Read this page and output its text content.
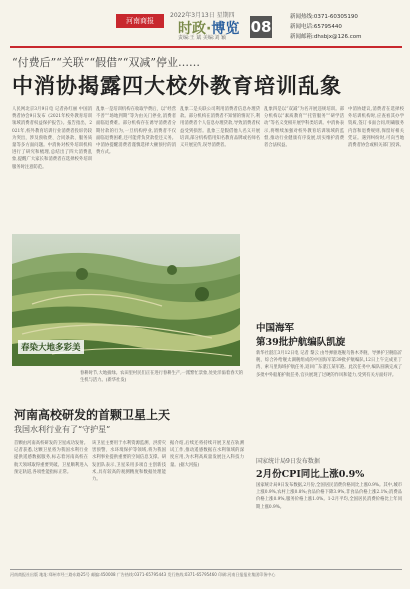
河南商报
2022年3月13日 星期四
时政·博览
责编:王 斌 美编:刘 颖
08
新闻热线:0371-60305190
新闻电话:65795440
新闻邮箱:dhsbjx@126.com
“付费后”“关联”“假借”“双减”停业……
中消协揭露四大校外教育培训乱象
人民网北京3月9日电 记者孙红丽 中国消费者协会9日发布《2021年校外教育培训领域消费者权益保护报告》。报告指出，2021年,校外教育培训行业消费者投诉仍较为突出，涉及预收费、合同条款、服务质量等多方面问题。中消协对校外培训机构进行了研究和梳理,总结出了四大消费乱象,提醒广大家长和消费者在选择校外培训服务时注意防范。
乱象一是培训机构在收取学费后，以“经营不善”“场地到期”等为由关门停业,消费者面临退费难。部分机构存在诱导消费者分期付款的行为,一旦机构停业,消费者不仅面临退费困难,还可能背负贷款偿还义务。中消协提醒消费者谨慎选择大额预付的消费方式。
乱象二是关联公司利用消费者信息办理贷款。部分机构在消费者不知情的情况下,利用消费者个人信息办理贷款,导致消费者权益受到损害。乱象三是假借他人名义开展培训,部分机构借用知名教育品牌或名师名义开展宣传,误导消费者。
乱象四是以“双减”为名开展违规培训。部分机构以“素质教育”“托管服务”“研学活动”等名义变相开展学科类培训。中消协表示,将继续加强对校外教育培训领域的监督,推动行业健康有序发展,切实维护消费者合法权益。
中消协建议,消费者在选择校外培训机构时,应查看其办学资质,签订书面合同,明确服务内容和退费规则,保留好相关凭证。遇到纠纷时,可向当地消费者协会或相关部门投诉。
春染大地多彩美
春耕时节,大地披绿。农田里村民们正在进行春耕生产,一派繁忙景象,处处洋溢着春天的生机与活力。(新华社发)
中国海军
第39批护航编队凯旋
新华社湛江3月12日电 记者 黎云 由导弹驱逐舰乌鲁木齐舰、导弹护卫舰临沂舰、综合补给舰太湖舰组成的中国海军第39批护航编队,12日上午完成亚丁湾、索马里海域护航任务,返回广东湛江某军港。此次任务中,编队圆满完成了多批中外船舶护航任务,官兵展现了过硬的作风和能力,受到有关方面好评。
国家统计局9日发布数据
2月份CPI同比上涨0.9%
国家统计局9日发布数据,2月份,全国居民消费价格同比上涨0.9%。其中,城市上涨0.9%,农村上涨0.8%;食品价格下降3.9%,非食品价格上涨2.1%;消费品价格上涨0.9%,服务价格上涨1.0%。1-2月平均,全国居民消费价格比上年同期上涨0.9%。
河南高校研发的首颗卫星上天
我国水利行业有了“守护星”
首颗由河南高校研发的卫星成功发射。记者获悉,这颗卫星将为我国水利行业提供遥感数据服务,标志着河南高校在航天领域取得重要突破。卫星顺利进入预定轨道,各项性能指标正常。
该卫星主要用于水利资源监测、洪涝灾害预警、水环境保护等领域,将为我国水利事业提供重要的空间信息支撑。研发团队表示,卫星采用多项自主创新技术,具有较高的观测精度和数据处理能力。
据介绍,后续还将持续开展卫星在轨测试工作,推动遥感数据在水利领域的深度应用,为水利高质量发展注入科技力量。(据大河报)
河南商报社出版 地址:郑州市经三路东路25号 邮编:450008 广告热线:0371-65795443 发行热线:0371-65795460 印刷:河南日报报业集团印务中心
